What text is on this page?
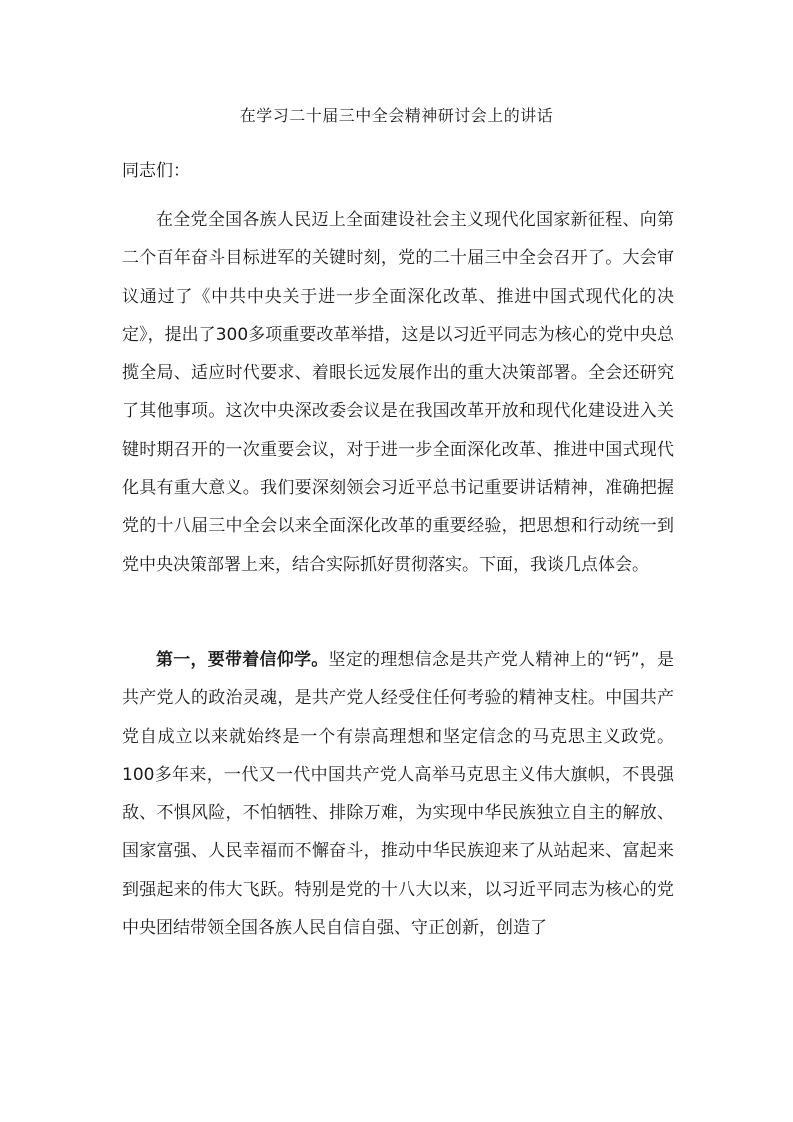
在学习二十届三中全会精神研讨会上的讲话
同志们：

在全党全国各族人民迈上全面建设社会主义现代化国家新征程、向第二个百年奋斗目标进军的关键时刻，党的二十届三中全会召开了。大会审议通过了《中共中央关于进一步全面深化改革、推进中国式现代化的决定》，提出了300多项重要改革举措，这是以习近平同志为核心的党中央总揽全局、适应时代要求、着眼长远发展作出的重大决策部署。全会还研究了其他事项。这次中央深改委会议是在我国改革开放和现代化建设进入关键时期召开的一次重要会议，对于进一步全面深化改革、推进中国式现代化具有重大意义。我们要深刻领会习近平总书记重要讲话精神，准确把握党的十八届三中全会以来全面深化改革的重要经验，把思想和行动统一到党中央决策部署上来，结合实际抓好贯彻落实。下面，我谈几点体会。

第一，要带着信仰学。坚定的理想信念是共产党人精神上的“钙”，是共产党人的政治灵魂，是共产党人经受住任何考验的精神支柱。中国共产党自成立以来就始终是一个有崇高理想和坚定信念的马克思主义政党。100多年来，一代又一代中国共产党人高举马克思主义伟大旗帜，不畏强敌、不惧风险，不怕牺牲、排除万难，为实现中华民族独立自主的解放、国家富强、人民幸福而不懈奋斗，推动中华民族迎来了从站起来、富起来到强起来的伟大飞跃。特别是党的十八大以来，以习近平同志为核心的党中央团结带领全国各族人民自信自强、守正创新，创造了
